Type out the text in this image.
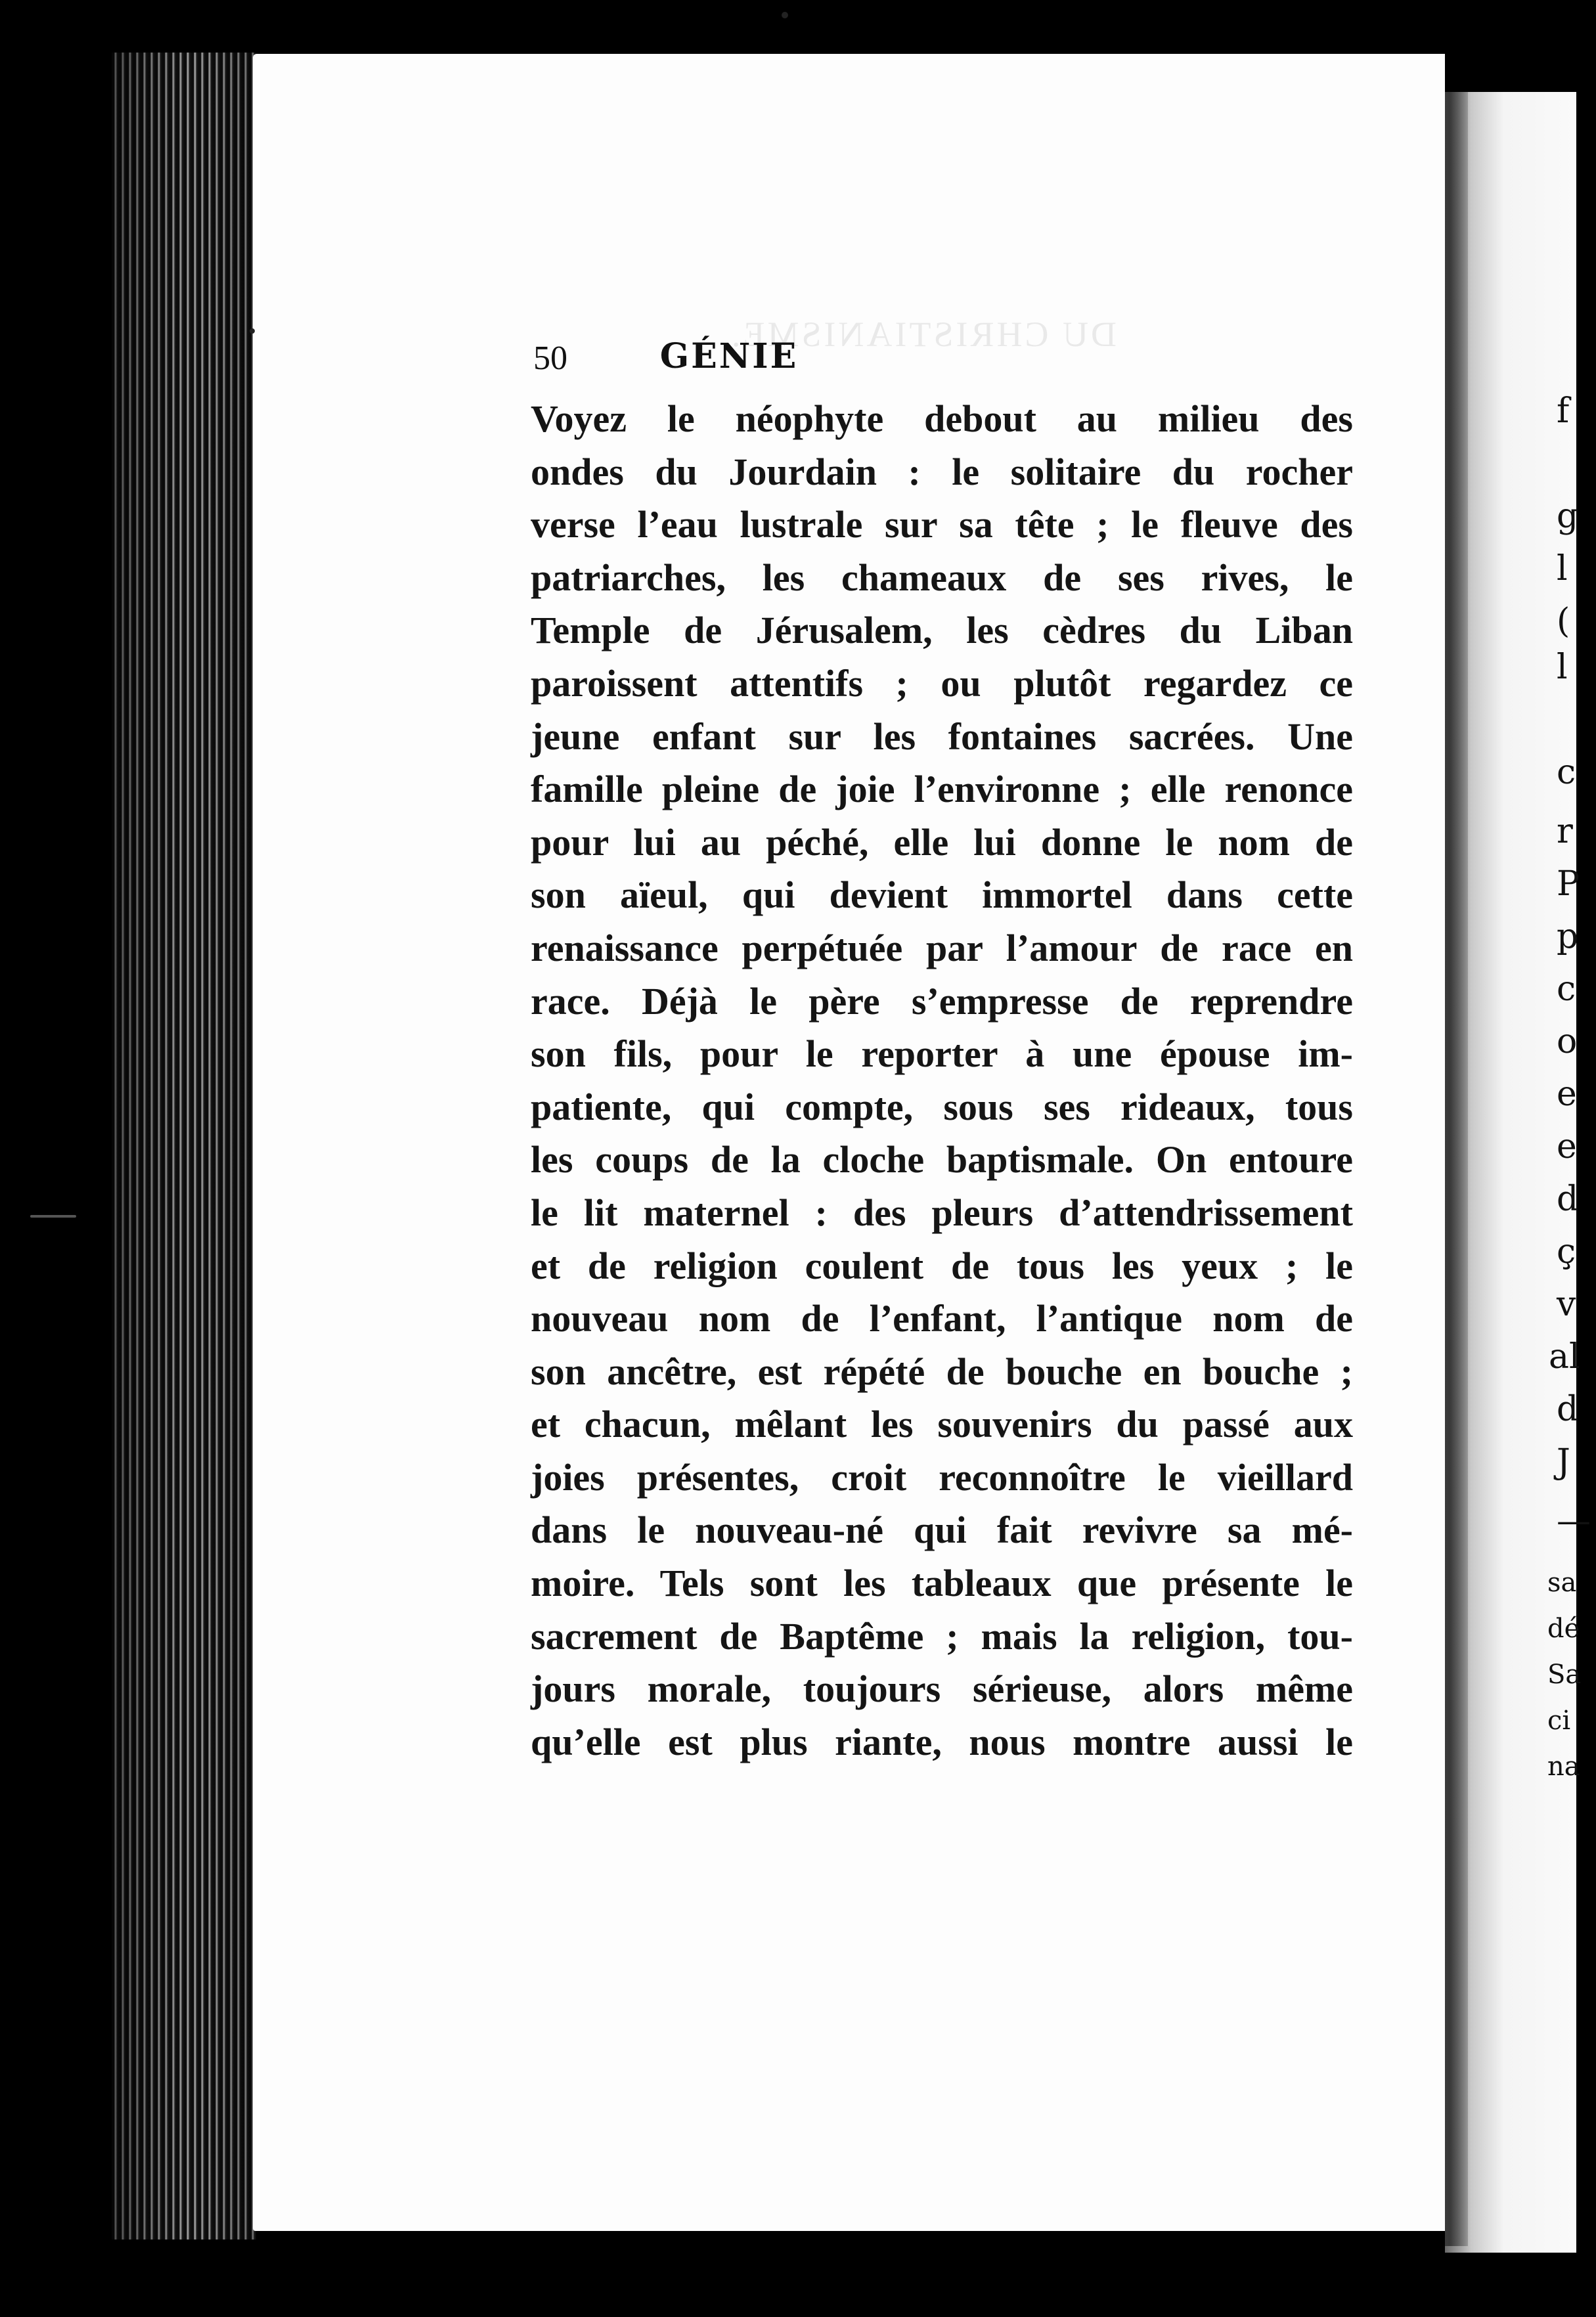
DU CHRISTIANISME.
50	GÉNIE
Voyez le néophyte debout au milieu des
ondes du Jourdain : le solitaire du rocher
verse l’eau lustrale sur sa tête ; le fleuve des
patriarches, les chameaux de ses rives, le
Temple de Jérusalem, les cèdres du Liban
paroissent attentifs ; ou plutôt regardez ce
jeune enfant sur les fontaines sacrées. Une
famille pleine de joie l’environne ; elle renonce
pour lui au péché, elle lui donne le nom de
son aïeul, qui devient immortel dans cette
renaissance perpétuée par l’amour de race en
race. Déjà le père s’empresse de reprendre
son fils, pour le reporter à une épouse im-
patiente, qui compte, sous ses rideaux, tous
les coups de la cloche baptismale. On entoure
le lit maternel : des pleurs d’attendrissement
et de religion coulent de tous les yeux ; le
nouveau nom de l’enfant, l’antique nom de
son ancêtre, est répété de bouche en bouche ;
et chacun, mêlant les souvenirs du passé aux
joies présentes, croit reconnoître le vieillard
dans le nouveau-né qui fait revivre sa mé-
moire. Tels sont les tableaux que présente le
sacrement de Baptême ; mais la religion, tou-
jours morale, toujours sérieuse, alors même
qu’elle est plus riante, nous montre aussi le
f
g
l
(
l
c
r
P
p
c
o
e
e
d
ç
v
al
d
J
—
sa
dé
Sa
ci
na
